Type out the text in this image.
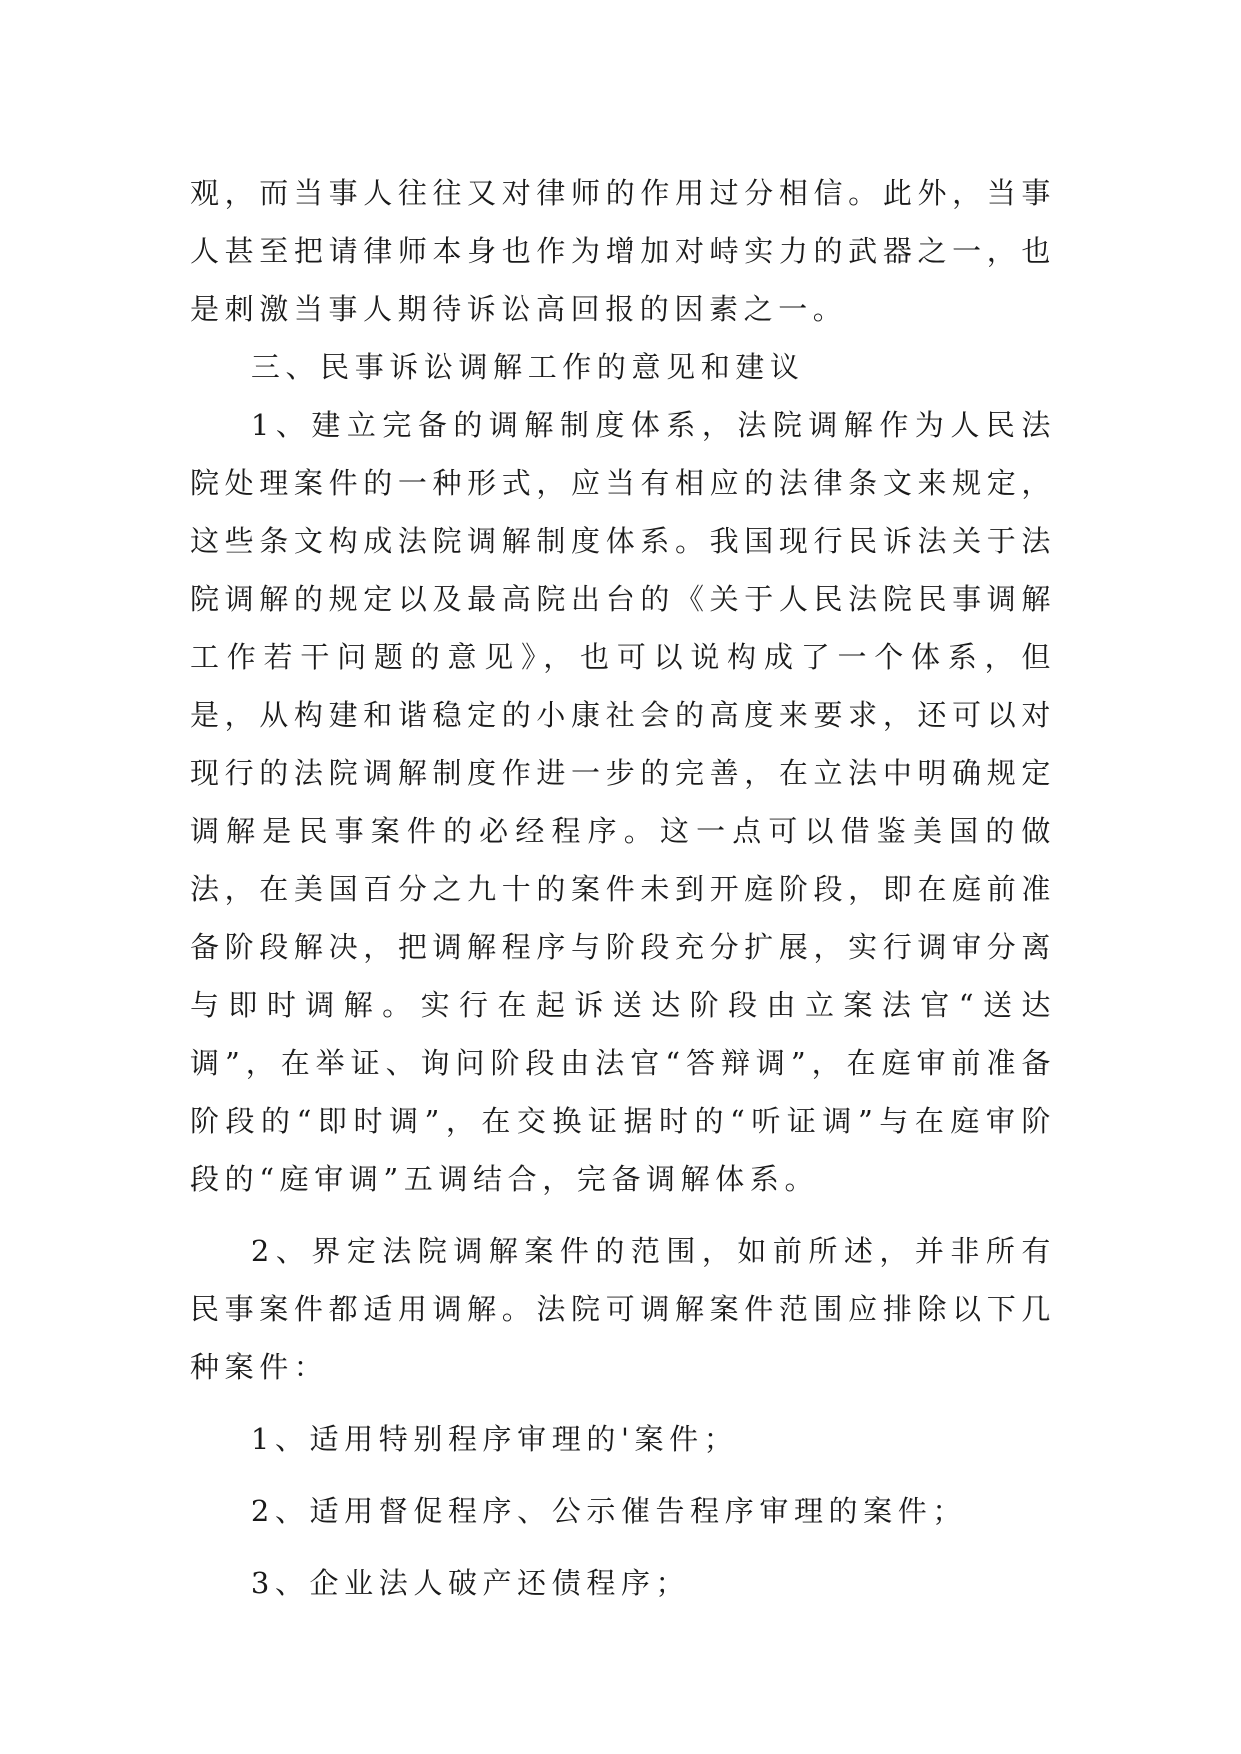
观，而当事人往往又对律师的作用过分相信。此外，当事人甚至把请律师本身也作为增加对峙实力的武器之一，也是刺激当事人期待诉讼高回报的因素之一。

三、民事诉讼调解工作的意见和建议

1、建立完备的调解制度体系，法院调解作为人民法院处理案件的一种形式，应当有相应的法律条文来规定，这些条文构成法院调解制度体系。我国现行民诉法关于法院调解的规定以及最高院出台的《关于人民法院民事调解工作若干问题的意见》，也可以说构成了一个体系，但是，从构建和谐稳定的小康社会的高度来要求，还可以对现行的法院调解制度作进一步的完善，在立法中明确规定调解是民事案件的必经程序。这一点可以借鉴美国的做法，在美国百分之九十的案件未到开庭阶段，即在庭前准备阶段解决，把调解程序与阶段充分扩展，实行调审分离与即时调解。实行在起诉送达阶段由立案法官“送达调”，在举证、询问阶段由法官“答辩调”，在庭审前准备阶段的“即时调”，在交换证据时的“听证调”与在庭审阶段的“庭审调”五调结合，完备调解体系。

2、界定法院调解案件的范围，如前所述，并非所有民事案件都适用调解。法院可调解案件范围应排除以下几种案件：

1、适用特别程序审理的'案件；

2、适用督促程序、公示催告程序审理的案件；

3、企业法人破产还债程序；
